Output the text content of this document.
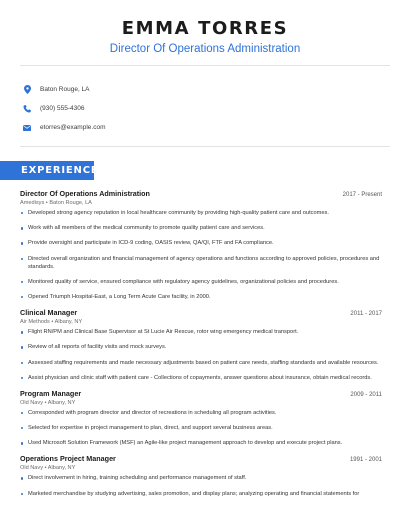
EMMA TORRES
Director Of Operations Administration
Baton Rouge, LA
(930) 555-4306
etorres@example.com
EXPERIENCE
Director Of Operations Administration	2017 - Present
Amedisys • Baton Rouge, LA
Developed strong agency reputation in local healthcare community by providing high-quality patient care and outcomes.
Work with all members of the medical community to promote quality patient care and services.
Provide oversight and participate in ICD-9 coding, OASIS review, QA/QI, FTF and FA compliance.
Directed overall organization and financial management of agency operations and functions according to approved policies, procedures and standards.
Monitored quality of service, ensured compliance with regulatory agency guidelines, organizational policies and procedures.
Opened Triumph Hospital-East, a Long Term Acute Care facility, in 2000.
Clinical Manager	2011 - 2017
Air Methods • Albany, NY
Flight RN/PM and Clinical Base Supervisor at St Lucie Air Rescue, rotor wing emergency medical transport.
Review of all reports of facility visits and mock surveys.
Assessed staffing requirements and made necessary adjustments based on patient care needs, staffing standards and available resources.
Assist physician and clinic staff with patient care - Collections of copayments, answer questions about insurance, obtain medical records.
Program Manager	2009 - 2011
Old Navy • Albany, NY
Corresponded with program director and director of recreations in scheduling all program activities.
Selected for expertise in project management to plan, direct, and support several business areas.
Used Microsoft Solution Framework (MSF) an Agile-like project management approach to develop and execute project plans.
Operations Project Manager	1991 - 2001
Old Navy • Albany, NY
Direct involvement in hiring, training scheduling and performance management of staff.
Marketed merchandise by studying advertising, sales promotion, and display plans; analyzing operating and financial statements for
